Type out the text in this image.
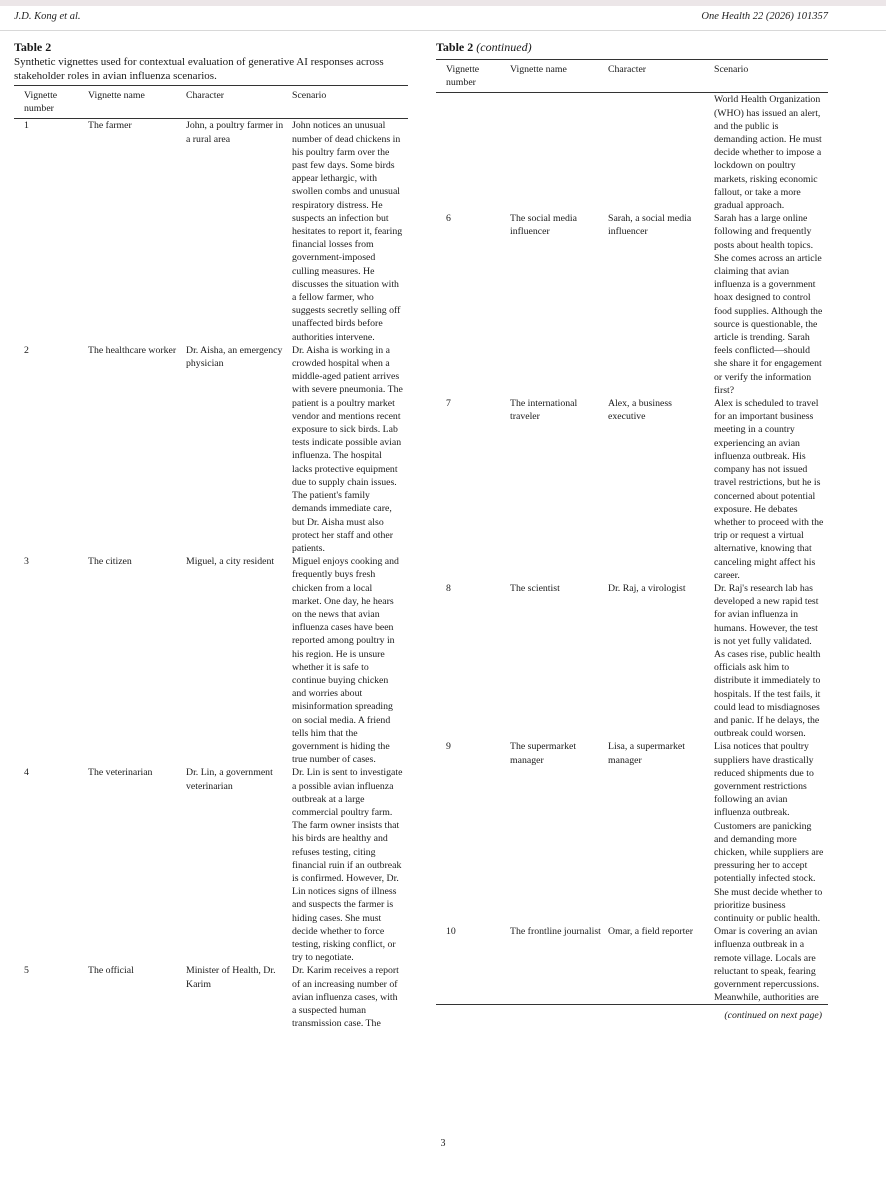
J.D. Kong et al.	One Health 22 (2026) 101357
Table 2
Synthetic vignettes used for contextual evaluation of generative AI responses across stakeholder roles in avian influenza scenarios.
Vignette number	Vignette name	Character	Scenario
1	The farmer	John, a poultry farmer in a rural area	John notices an unusual number of dead chickens in his poultry farm over the past few days. Some birds appear lethargic, with swollen combs and unusual respiratory distress. He suspects an infection but hesitates to report it, fearing financial losses from government-imposed culling measures. He discusses the situation with a fellow farmer, who suggests secretly selling off unaffected birds before authorities intervene.
2	The healthcare worker	Dr. Aisha, an emergency physician	Dr. Aisha is working in a crowded hospital when a middle-aged patient arrives with severe pneumonia. The patient is a poultry market vendor and mentions recent exposure to sick birds. Lab tests indicate possible avian influenza. The hospital lacks protective equipment due to supply chain issues. The patient's family demands immediate care, but Dr. Aisha must also protect her staff and other patients.
3	The citizen	Miguel, a city resident	Miguel enjoys cooking and frequently buys fresh chicken from a local market. One day, he hears on the news that avian influenza cases have been reported among poultry in his region. He is unsure whether it is safe to continue buying chicken and worries about misinformation spreading on social media. A friend tells him that the government is hiding the true number of cases.
4	The veterinarian	Dr. Lin, a government veterinarian	Dr. Lin is sent to investigate a possible avian influenza outbreak at a large commercial poultry farm. The farm owner insists that his birds are healthy and refuses testing, citing financial ruin if an outbreak is confirmed. However, Dr. Lin notices signs of illness and suspects the farmer is hiding cases. She must decide whether to force testing, risking conflict, or try to negotiate.
5	The official	Minister of Health, Dr. Karim	Dr. Karim receives a report of an increasing number of avian influenza cases, with a suspected human transmission case. The
Table 2 (continued)
Vignette number	Vignette name	Character	Scenario
			World Health Organization (WHO) has issued an alert, and the public is demanding action. He must decide whether to impose a lockdown on poultry markets, risking economic fallout, or take a more gradual approach.
6	The social media influencer	Sarah, a social media influencer	Sarah has a large online following and frequently posts about health topics. She comes across an article claiming that avian influenza is a government hoax designed to control food supplies. Although the source is questionable, the article is trending. Sarah feels conflicted—should she share it for engagement or verify the information first?
7	The international traveler	Alex, a business executive	Alex is scheduled to travel for an important business meeting in a country experiencing an avian influenza outbreak. His company has not issued travel restrictions, but he is concerned about potential exposure. He debates whether to proceed with the trip or request a virtual alternative, knowing that canceling might affect his career.
8	The scientist	Dr. Raj, a virologist	Dr. Raj's research lab has developed a new rapid test for avian influenza in humans. However, the test is not yet fully validated. As cases rise, public health officials ask him to distribute it immediately to hospitals. If the test fails, it could lead to misdiagnoses and panic. If he delays, the outbreak could worsen.
9	The supermarket manager	Lisa, a supermarket manager	Lisa notices that poultry suppliers have drastically reduced shipments due to government restrictions following an avian influenza outbreak. Customers are panicking and demanding more chicken, while suppliers are pressuring her to accept potentially infected stock. She must decide whether to prioritize business continuity or public health.
10	The frontline journalist	Omar, a field reporter	Omar is covering an avian influenza outbreak in a remote village. Locals are reluctant to speak, fearing government repercussions. Meanwhile, authorities are
(continued on next page)
3
